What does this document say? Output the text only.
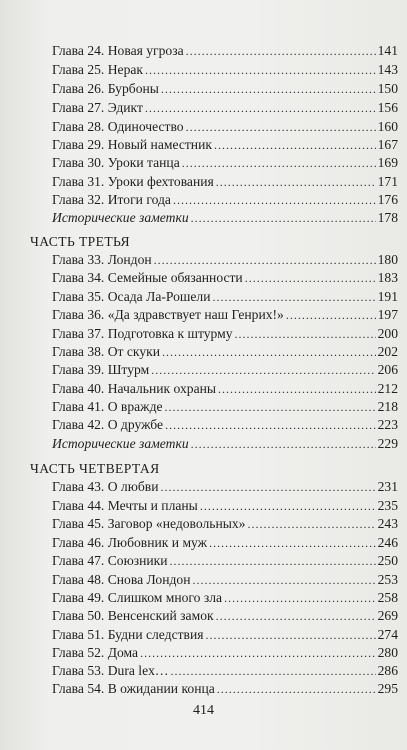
Глава 24. Новая угроза .....	141
Глава 25. Нерак .....	143
Глава 26. Бурбоны .....	150
Глава 27. Эдикт .....	156
Глава 28. Одиночество .....	160
Глава 29. Новый наместник .....	167
Глава 30. Уроки танца .....	169
Глава 31. Уроки фехтования .....	171
Глава 32. Итоги года .....	176
Исторические заметки .....	178
ЧАСТЬ ТРЕТЬЯ
Глава 33. Лондон .....	180
Глава 34. Семейные обязанности .....	183
Глава 35. Осада Ла-Рошели .....	191
Глава 36. «Да здравствует наш Генрих!» .....	197
Глава 37. Подготовка к штурму .....	200
Глава 38. От скуки .....	202
Глава 39. Штурм .....	206
Глава 40. Начальник охраны .....	212
Глава 41. О вражде .....	218
Глава 42. О дружбе .....	223
Исторические заметки .....	229
ЧАСТЬ ЧЕТВЕРТАЯ
Глава 43. О любви .....	231
Глава 44. Мечты и планы .....	235
Глава 45. Заговор «недовольных» .....	243
Глава 46. Любовник и муж .....	246
Глава 47. Союзники .....	250
Глава 48. Снова Лондон .....	253
Глава 49. Слишком много зла .....	258
Глава 50. Венсенский замок .....	269
Глава 51. Будни следствия .....	274
Глава 52. Дома .....	280
Глава 53. Dura lex… .....	286
Глава 54. В ожидании конца .....	295
414
